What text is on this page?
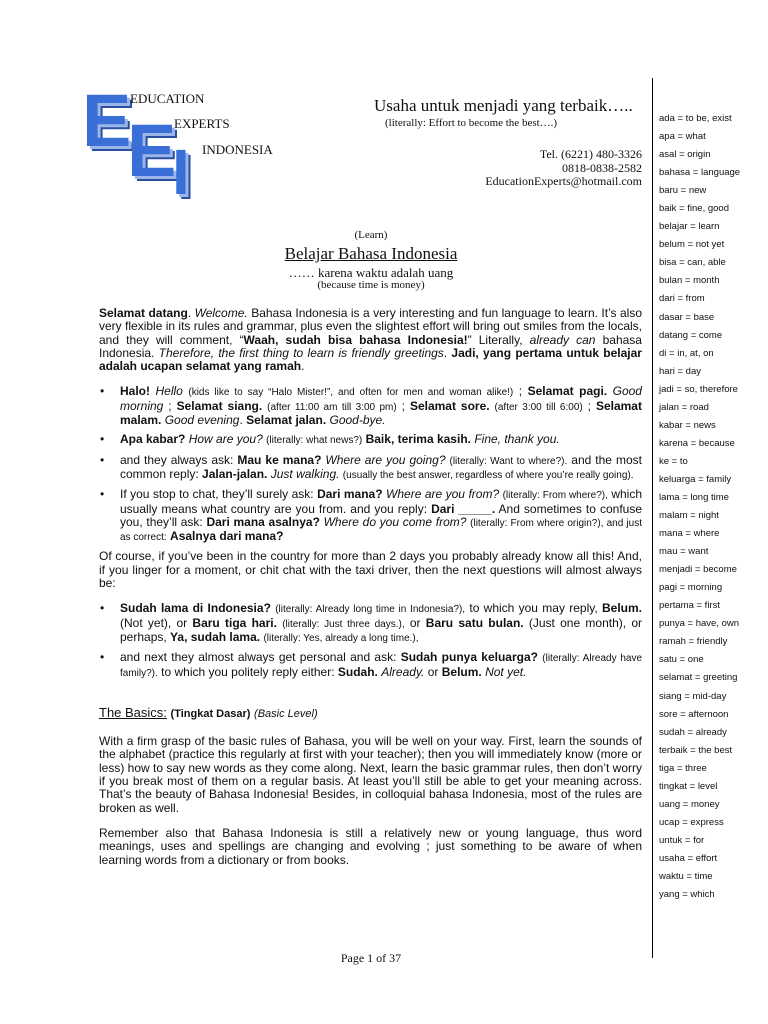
E
E
I
EDUCATION
EXPERTS
INDONESIA
Usaha untuk menjadi yang terbaik…..
(literally: Effort to become the best….)
Tel. (6221) 480-3326
0818-0838-2582
EducationExperts@hotmail.com
(Learn)
Belajar Bahasa Indonesia
…… karena waktu adalah uang
(because time is money)

Selamat datang. Welcome. Bahasa Indonesia is a very interesting and fun language to learn. It’s also very flexible in its rules and grammar, plus even the slightest effort will bring out smiles from the locals, and they will comment, “Waah, sudah bisa bahasa Indonesia!” Literally, already can bahasa Indonesia. Therefore, the first thing to learn is friendly greetings. Jadi, yang pertama untuk belajar adalah ucapan selamat yang ramah.

• Halo! Hello (kids like to say “Halo Mister!”, and often for men and woman alike!) ; Selamat pagi. Good morning ; Selamat siang. (after 11:00 am till 3:00 pm) ; Selamat sore. (after 3:00 till 6:00) ; Selamat malam. Good evening. Selamat jalan. Good-bye.
• Apa kabar? How are you? (literally: what news?) Baik, terima kasih. Fine, thank you.
• and they always ask: Mau ke mana? Where are you going? (literally: Want to where?). and the most common reply: Jalan-jalan. Just walking. (usually the best answer, regardless of where you’re really going).
• If you stop to chat, they’ll surely ask: Dari mana? Where are you from? (literally: From where?), which usually means what country are you from. and you reply: Dari _____. And sometimes to confuse you, they’ll ask: Dari mana asalnya? Where do you come from? (literally: From where origin?), and just as correct: Asalnya dari mana?

Of course, if you’ve been in the country for more than 2 days you probably already know all this! And, if you linger for a moment, or chit chat with the taxi driver, then the next questions will almost always be:

• Sudah lama di Indonesia? (literally: Already long time in Indonesia?), to which you may reply, Belum. (Not yet), or Baru tiga hari. (literally: Just three days.), or Baru satu bulan. (Just one month), or perhaps, Ya, sudah lama. (literally: Yes, already a long time.),
• and next they almost always get personal and ask: Sudah punya keluarga? (literally: Already have family?). to which you politely reply either: Sudah. Already. or Belum. Not yet.
The Basics: (Tingkat Dasar) (Basic Level)

With a firm grasp of the basic rules of Bahasa, you will be well on your way. First, learn the sounds of the alphabet (practice this regularly at first with your teacher); then you will immediately know (more or less) how to say new words as they come along. Next, learn the basic grammar rules, then don’t worry if you break most of them on a regular basis. At least you’ll still be able to get your meaning across. That’s the beauty of Bahasa Indonesia! Besides, in colloquial bahasa Indonesia, most of the rules are broken as well.

Remember also that Bahasa Indonesia is still a relatively new or young language, thus word meanings, uses and spellings are changing and evolving ; just something to be aware of when learning words from a dictionary or from books.

ada = to be, exist
apa = what
asal = origin
bahasa = language
baru = new
baik = fine, good
belajar = learn
belum = not yet
bisa = can, able
bulan = month
dari = from
dasar = base
datang = come
di = in, at, on
hari = day
jadi = so, therefore
jalan = road
kabar = news
karena = because
ke = to
keluarga = family
lama = long time
malam = night
mana = where
mau = want
menjadi = become
pagi = morning
pertama = first
punya = have, own
ramah = friendly
satu = one
selamat = greeting
siang = mid-day
sore = afternoon
sudah = already
terbaik = the best
tiga = three
tingkat = level
uang = money
ucap = express
untuk = for
usaha = effort
waktu = time
yang = which
Page 1 of 37
